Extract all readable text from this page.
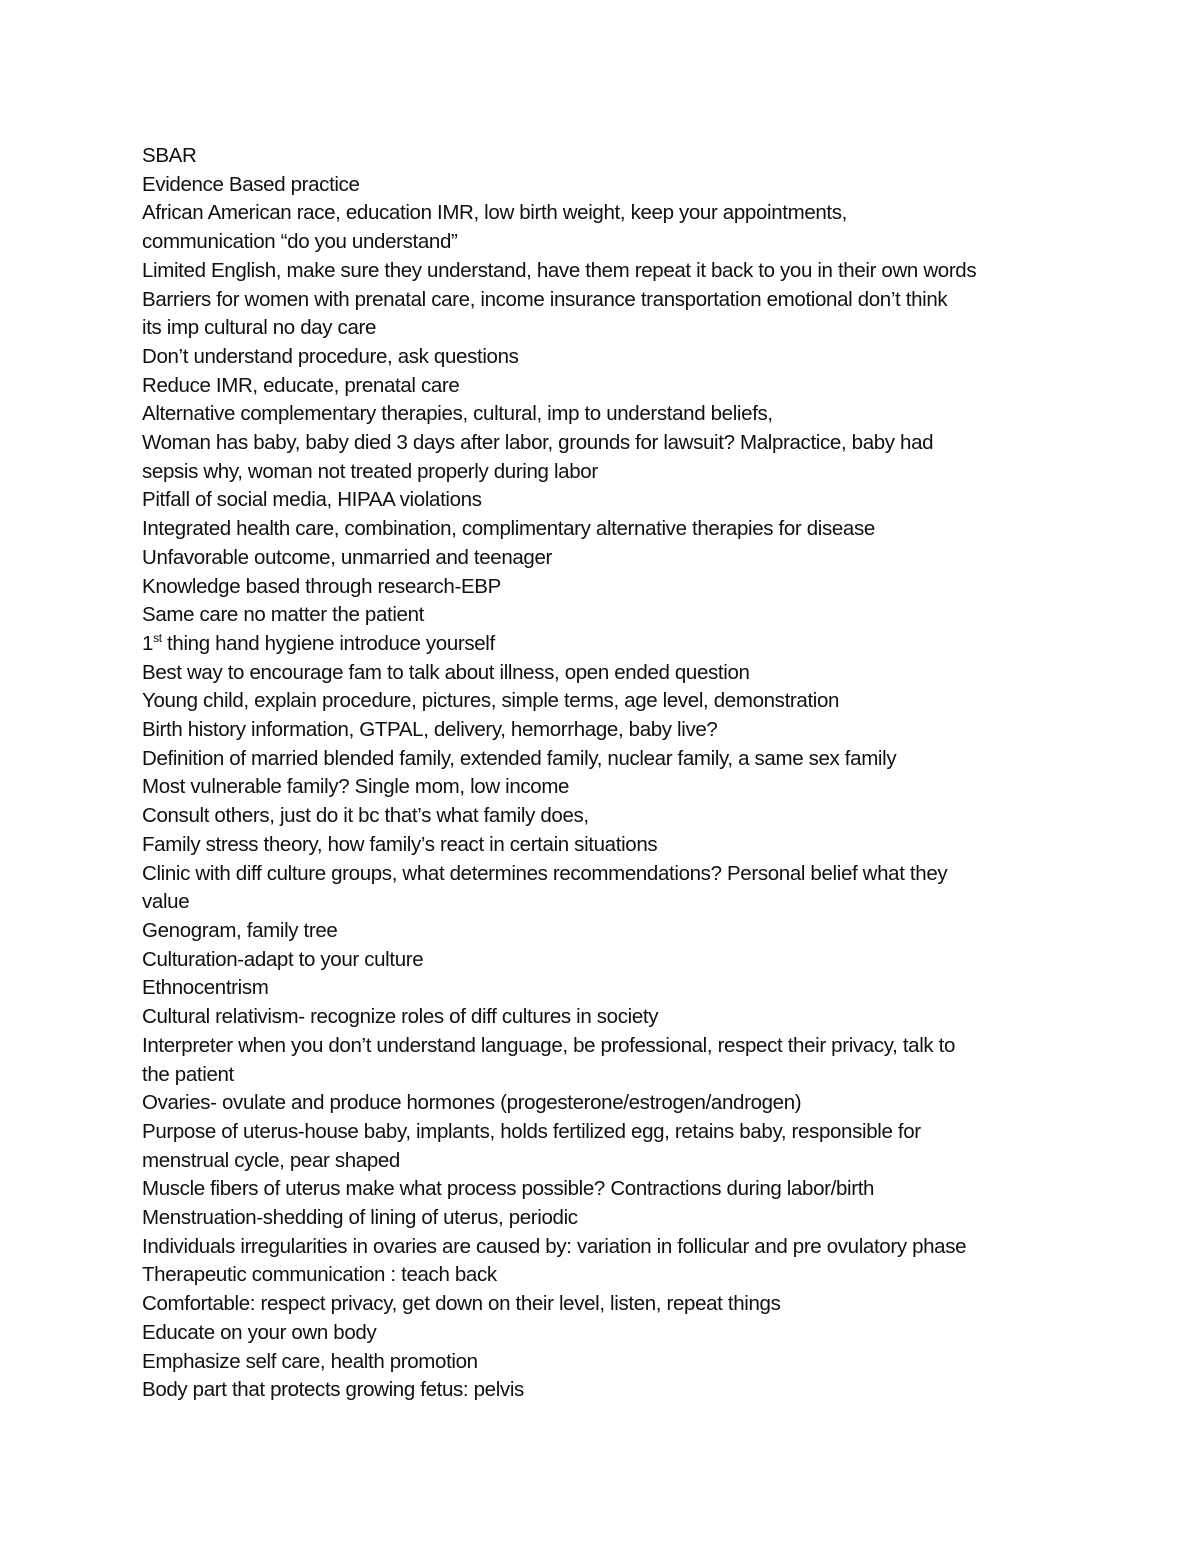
SBAR
Evidence Based practice
African American race, education IMR, low birth weight, keep your appointments,
communication “do you understand”
Limited English, make sure they understand, have them repeat it back to you in their own words
Barriers for women with prenatal care, income insurance transportation emotional don’t think
its imp cultural no day care
Don’t understand procedure, ask questions
Reduce IMR, educate, prenatal care
Alternative complementary therapies, cultural, imp to understand beliefs,
Woman has baby, baby died 3 days after labor, grounds for lawsuit? Malpractice, baby had
sepsis why, woman not treated properly during labor
Pitfall of social media, HIPAA violations
Integrated health care, combination, complimentary alternative therapies for disease
Unfavorable outcome, unmarried and teenager
Knowledge based through research-EBP
Same care no matter the patient
1st thing hand hygiene introduce yourself
Best way to encourage fam to talk about illness, open ended question
Young child, explain procedure, pictures, simple terms, age level, demonstration
Birth history information, GTPAL, delivery, hemorrhage, baby live?
Definition of married blended family, extended family, nuclear family, a same sex family
Most vulnerable family? Single mom, low income
Consult others, just do it bc that’s what family does,
Family stress theory, how family’s react in certain situations
Clinic with diff culture groups, what determines recommendations? Personal belief what they
value
Genogram, family tree
Culturation-adapt to your culture
Ethnocentrism
Cultural relativism- recognize roles of diff cultures in society
Interpreter when you don’t understand language, be professional, respect their privacy, talk to
the patient
Ovaries- ovulate and produce hormones (progesterone/estrogen/androgen)
Purpose of uterus-house baby, implants, holds fertilized egg, retains baby, responsible for
menstrual cycle, pear shaped
Muscle fibers of uterus make what process possible? Contractions during labor/birth
Menstruation-shedding of lining of uterus, periodic
Individuals irregularities in ovaries are caused by: variation in follicular and pre ovulatory phase
Therapeutic communication : teach back
Comfortable: respect privacy, get down on their level, listen, repeat things
Educate on your own body
Emphasize self care, health promotion
Body part that protects growing fetus: pelvis
